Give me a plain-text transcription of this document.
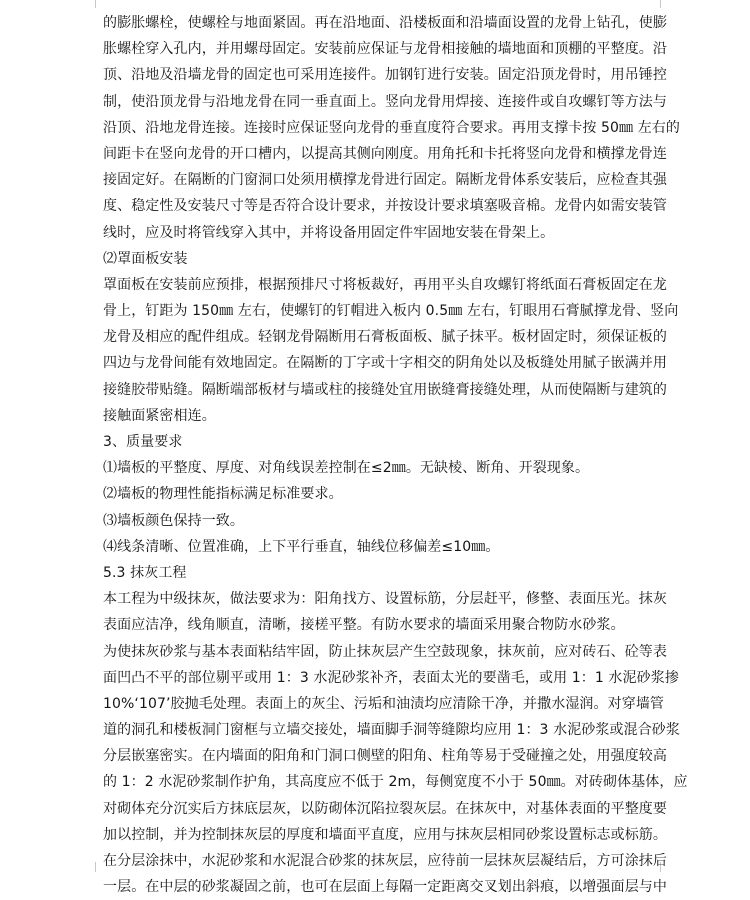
的膨胀螺栓，使螺栓与地面紧固。再在沿地面、沿楼板面和沿墙面设置的龙骨上钻孔，使膨
胀螺栓穿入孔内，并用螺母固定。安装前应保证与龙骨相接触的墙地面和顶棚的平整度。沿
顶、沿地及沿墙龙骨的固定也可采用连接件。加钢钉进行安装。固定沿顶龙骨时，用吊锤控
制，使沿顶龙骨与沿地龙骨在同一垂直面上。竖向龙骨用焊接、连接件或自攻螺钉等方法与
沿顶、沿地龙骨连接。连接时应保证竖向龙骨的垂直度符合要求。再用支撑卡按 50㎜ 左右的
间距卡在竖向龙骨的开口槽内，以提高其侧向刚度。用角托和卡托将竖向龙骨和横撑龙骨连
接固定好。在隔断的门窗洞口处须用横撑龙骨进行固定。隔断龙骨体系安装后，应检查其强
度、稳定性及安装尺寸等是否符合设计要求，并按设计要求填塞吸音棉。龙骨内如需安装管
线时，应及时将管线穿入其中，并将设备用固定件牢固地安装在骨架上。
⑵罩面板安装
罩面板在安装前应预排，根据预排尺寸将板裁好，再用平头自攻螺钉将纸面石膏板固定在龙
骨上，钉距为 150㎜ 左右，使螺钉的钉帽进入板内 0.5㎜ 左右，钉眼用石膏腻撑龙骨、竖向
龙骨及相应的配件组成。轻钢龙骨隔断用石膏板面板、腻子抹平。板材固定时，须保证板的
四边与龙骨间能有效地固定。在隔断的丁字或十字相交的阴角处以及板缝处用腻子嵌满并用
接缝胶带贴缝。隔断端部板材与墙或柱的接缝处宜用嵌缝膏接缝处理，从而使隔断与建筑的
接触面紧密相连。
3、质量要求
⑴墙板的平整度、厚度、对角线误差控制在≤2㎜。无缺棱、断角、开裂现象。
⑵墙板的物理性能指标满足标准要求。
⑶墙板颜色保持一致。
⑷线条清晰、位置准确，上下平行垂直，轴线位移偏差≤10㎜。
5.3 抹灰工程
本工程为中级抹灰，做法要求为：阳角找方、设置标筋，分层赶平，修整、表面压光。抹灰
表面应洁净，线角顺直，清晰，接槎平整。有防水要求的墙面采用聚合物防水砂浆。
为使抹灰砂浆与基本表面粘结牢固，防止抹灰层产生空鼓现象，抹灰前，应对砖石、砼等表
面凹凸不平的部位剔平或用 1：3 水泥砂浆补齐，表面太光的要凿毛，或用 1：1 水泥砂浆掺
10%‘107’胶抛毛处理。表面上的灰尘、污垢和油渍均应清除干净，并撒水湿润。对穿墙管
道的洞孔和楼板洞门窗框与立墙交接处，墙面脚手洞等缝隙均应用 1：3 水泥砂浆或混合砂浆
分层嵌塞密实。在内墙面的阳角和门洞口侧壁的阳角、柱角等易于受碰撞之处，用强度较高
的 1：2 水泥砂浆制作护角，其高度应不低于 2m，每侧宽度不小于 50㎜。对砖砌体基体，应
对砌体充分沉实后方抹底层灰，以防砌体沉陷拉裂灰层。在抹灰中，对基体表面的平整度要
加以控制，并为控制抹灰层的厚度和墙面平直度，应用与抹灰层相同砂浆设置标志或标筋。
在分层涂抹中，水泥砂浆和水泥混合砂浆的抹灰层，应待前一层抹灰层凝结后，方可涂抹后
一层。在中层的砂浆凝固之前，也可在层面上每隔一定距离交叉划出斜痕，以增强面层与中
